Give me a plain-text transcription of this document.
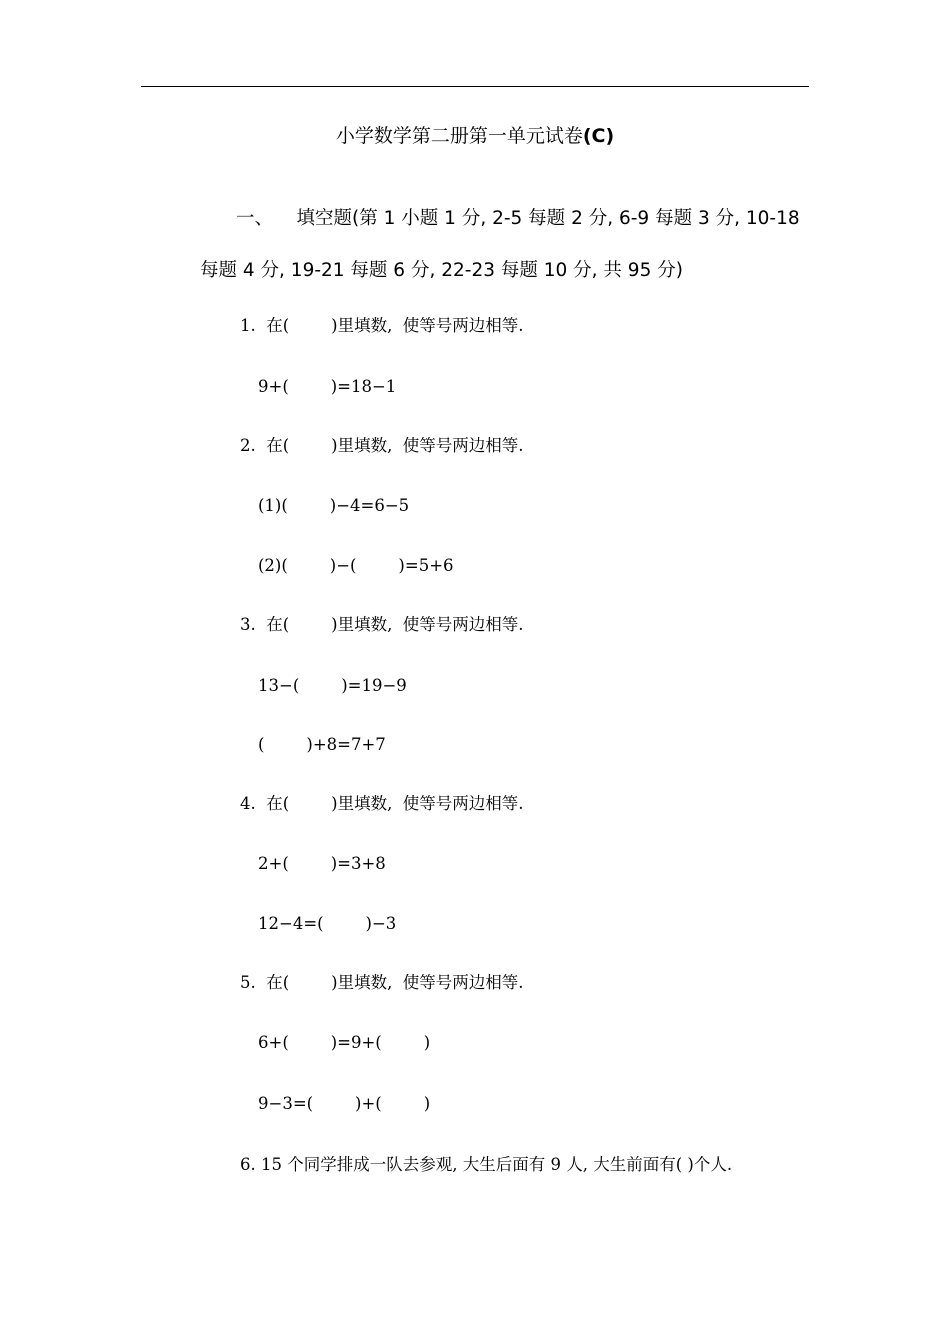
小学数学第二册第一单元试卷(C)
一、 填空题(第 1 小题 1 分, 2-5 每题 2 分, 6-9 每题 3 分, 10-18 每题 4 分, 19-21 每题 6 分, 22-23 每题 10 分, 共 95 分)
1.  在(        )里填数,  使等号两边相等.
9+(        )=18−1
2.  在(        )里填数,  使等号两边相等.
(1)(        )−4=6−5
(2)(        )−(        )=5+6
3.  在(        )里填数,  使等号两边相等.
13−(        )=19−9
(        )+8=7+7
4.  在(        )里填数,  使等号两边相等.
2+(        )=3+8
12−4=(        )−3
5.  在(        )里填数,  使等号两边相等.
6+(        )=9+(        )
9−3=(        )+(        )
6. 15 个同学排成一队去参观, 大生后面有 9 人, 大生前面有( )个人.
